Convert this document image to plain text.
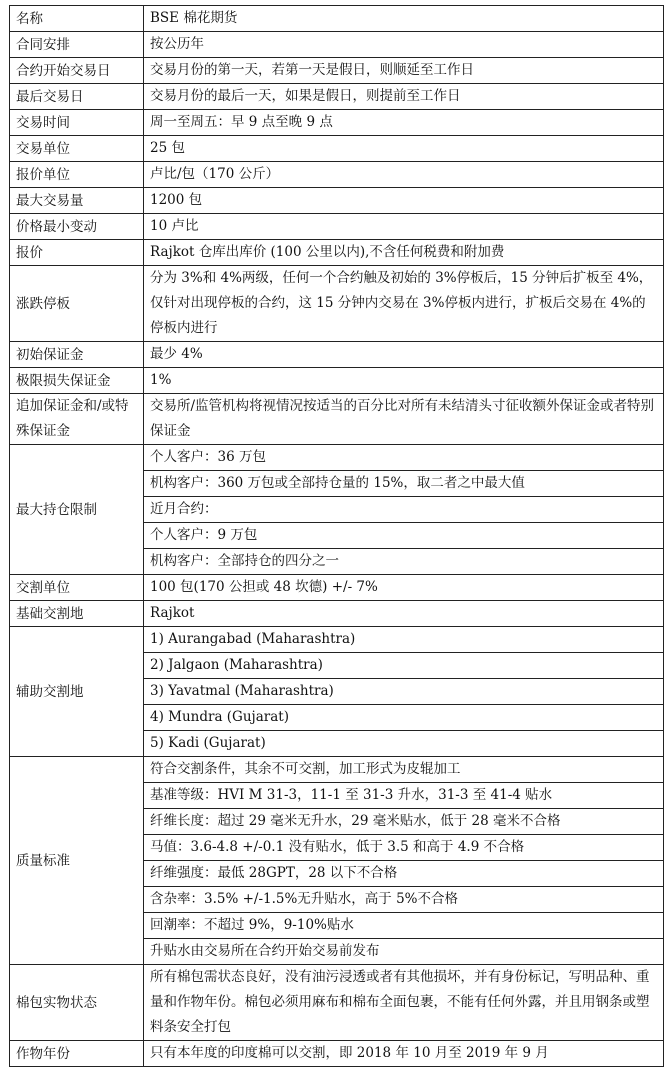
名称	BSE 棉花期货
合同安排	按公历年
合约开始交易日	交易月份的第一天，若第一天是假日，则顺延至工作日
最后交易日	交易月份的最后一天，如果是假日，则提前至工作日
交易时间	周一至周五：早 9 点至晚 9 点
交易单位	25 包
报价单位	卢比/包（170 公斤）
最大交易量	1200 包
价格最小变动	10 卢比
报价	Rajkot 仓库出库价 (100 公里以内),不含任何税费和附加费
涨跌停板	分为 3%和 4%两级，任何一个合约触及初始的 3%停板后，15 分钟后扩板至 4%，仅针对出现停板的合约，这 15 分钟内交易在 3%停板内进行，扩板后交易在 4%的停板内进行
初始保证金	最少 4%
极限损失保证金	1%
追加保证金和/或特殊保证金	交易所/监管机构将视情况按适当的百分比对所有未结清头寸征收额外保证金或者特别保证金
最大持仓限制	个人客户：36 万包
	机构客户：360 万包或全部持仓量的 15%，取二者之中最大值
	近月合约：
	个人客户：9 万包
	机构客户：全部持仓的四分之一
交割单位	100 包(170 公担或 48 坎德) +/- 7%
基础交割地	Rajkot
辅助交割地	1) Aurangabad (Maharashtra)
	2) Jalgaon (Maharashtra)
	3) Yavatmal (Maharashtra)
	4) Mundra (Gujarat)
	5) Kadi (Gujarat)
质量标准	符合交割条件，其余不可交割，加工形式为皮辊加工
	基准等级：HVI M 31-3，11-1 至 31-3 升水，31-3 至 41-4 贴水
	纤维长度：超过 29 毫米无升水，29 毫米贴水，低于 28 毫米不合格
	马值：3.6-4.8 +/-0.1 没有贴水，低于 3.5 和高于 4.9 不合格
	纤维强度：最低 28GPT，28 以下不合格
	含杂率：3.5% +/-1.5%无升贴水，高于 5%不合格
	回潮率：不超过 9%，9-10%贴水
	升贴水由交易所在合约开始交易前发布
棉包实物状态	所有棉包需状态良好，没有油污浸透或者有其他损坏，并有身份标记，写明品种、重量和作物年份。棉包必须用麻布和棉布全面包裹，不能有任何外露，并且用钢条或塑料条安全打包
作物年份	只有本年度的印度棉可以交割，即 2018 年 10 月至 2019 年 9 月
